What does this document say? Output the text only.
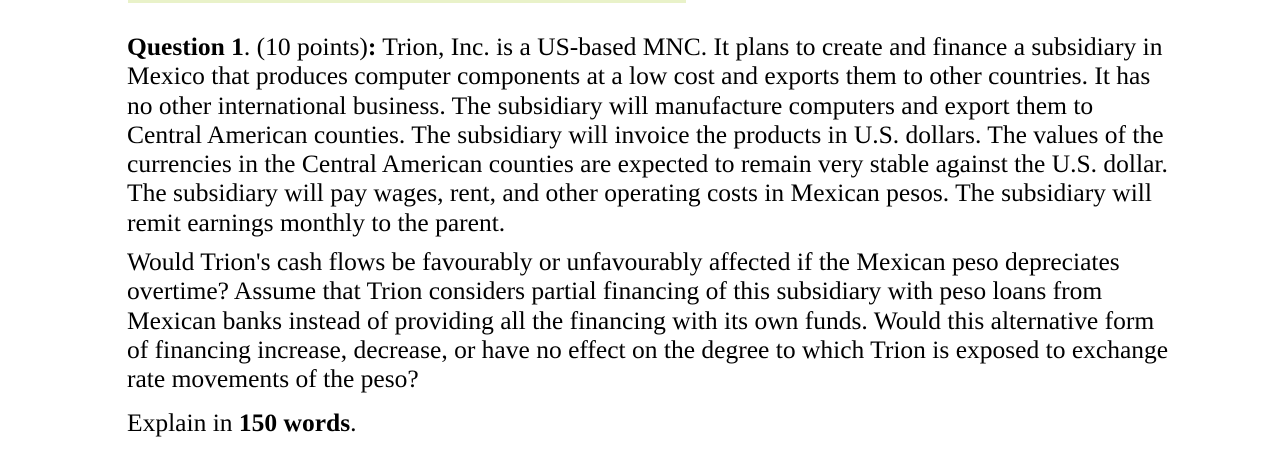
Question 1. (10 points): Trion, Inc. is a US-based MNC. It plans to create and finance a subsidiary in
Mexico that produces computer components at a low cost and exports them to other countries. It has
no other international business. The subsidiary will manufacture computers and export them to
Central American counties. The subsidiary will invoice the products in U.S. dollars. The values of the
currencies in the Central American counties are expected to remain very stable against the U.S. dollar.
The subsidiary will pay wages, rent, and other operating costs in Mexican pesos. The subsidiary will
remit earnings monthly to the parent.

Would Trion's cash flows be favourably or unfavourably affected if the Mexican peso depreciates
overtime? Assume that Trion considers partial financing of this subsidiary with peso loans from
Mexican banks instead of providing all the financing with its own funds. Would this alternative form
of financing increase, decrease, or have no effect on the degree to which Trion is exposed to exchange
rate movements of the peso?

Explain in 150 words.
